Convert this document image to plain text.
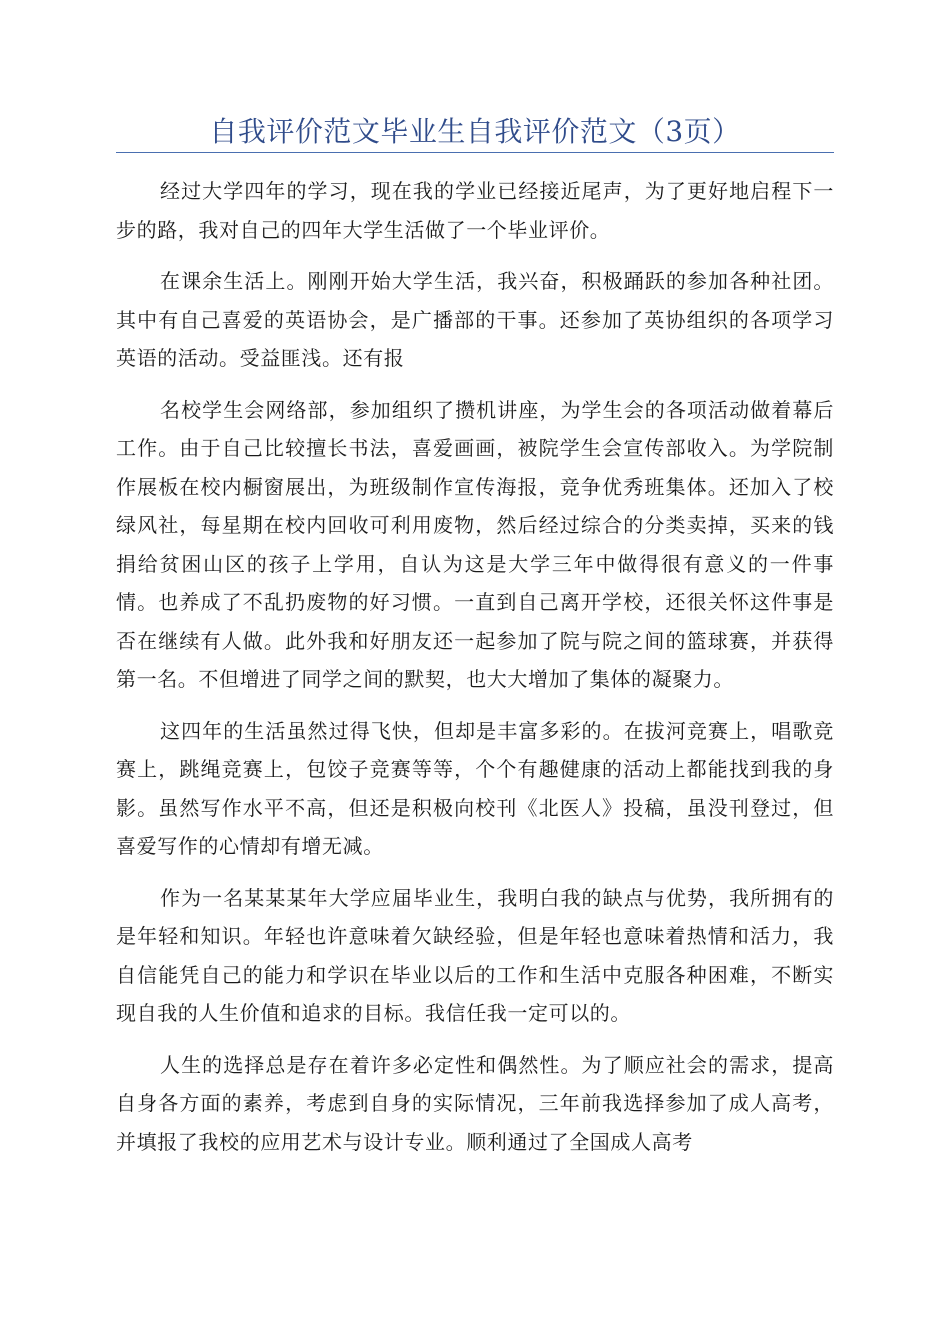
自我评价范文毕业生自我评价范文（3页）

经过大学四年的学习，现在我的学业已经接近尾声，为了更好地启程下一步的路，我对自己的四年大学生活做了一个毕业评价。

在课余生活上。刚刚开始大学生活，我兴奋，积极踊跃的参加各种社团。其中有自己喜爱的英语协会，是广播部的干事。还参加了英协组织的各项学习英语的活动。受益匪浅。还有报

名校学生会网络部，参加组织了攒机讲座，为学生会的各项活动做着幕后工作。由于自己比较擅长书法，喜爱画画，被院学生会宣传部收入。为学院制作展板在校内橱窗展出，为班级制作宣传海报，竞争优秀班集体。还加入了校绿风社，每星期在校内回收可利用废物，然后经过综合的分类卖掉，买来的钱捐给贫困山区的孩子上学用，自认为这是大学三年中做得很有意义的一件事情。也养成了不乱扔废物的好习惯。一直到自己离开学校，还很关怀这件事是否在继续有人做。此外我和好朋友还一起参加了院与院之间的篮球赛，并获得第一名。不但增进了同学之间的默契，也大大增加了集体的凝聚力。

这四年的生活虽然过得飞快，但却是丰富多彩的。在拔河竞赛上，唱歌竞赛上，跳绳竞赛上，包饺子竞赛等等，个个有趣健康的活动上都能找到我的身影。虽然写作水平不高，但还是积极向校刊《北医人》投稿，虽没刊登过，但喜爱写作的心情却有增无减。

作为一名某某某年大学应届毕业生，我明白我的缺点与优势，我所拥有的是年轻和知识。年轻也许意味着欠缺经验，但是年轻也意味着热情和活力，我自信能凭自己的能力和学识在毕业以后的工作和生活中克服各种困难，不断实现自我的人生价值和追求的目标。我信任我一定可以的。

人生的选择总是存在着许多必定性和偶然性。为了顺应社会的需求，提高自身各方面的素养，考虑到自身的实际情况，三年前我选择参加了成人高考，并填报了我校的应用艺术与设计专业。顺利通过了全国成人高考
